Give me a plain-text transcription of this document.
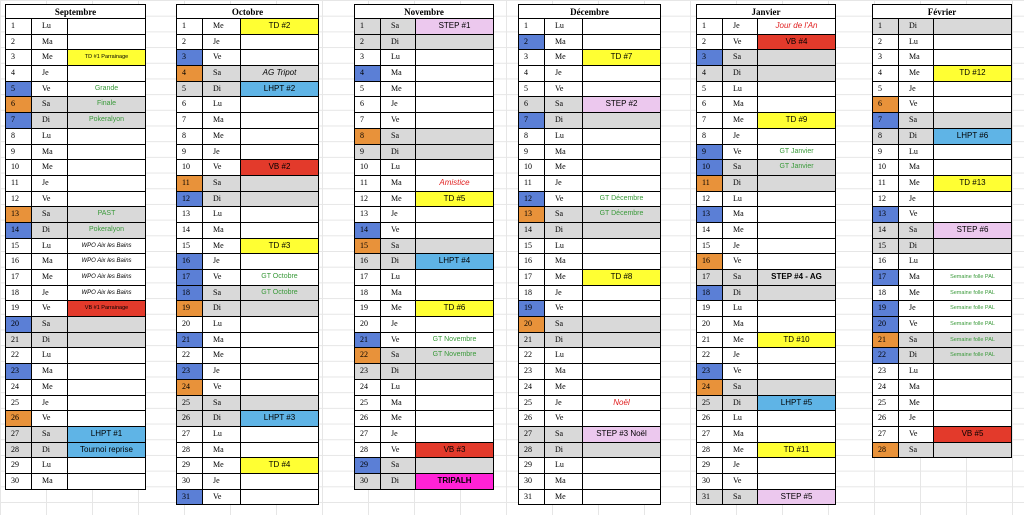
Septembre
1	Lu
2	Ma
3	Me	TD #1 Parrainage
4	Je
5	Ve	Grande
6	Sa	Finale
7	Di	Pokeralyon
8	Lu
9	Ma
10	Me
11	Je
12	Ve
13	Sa	PAST
14	Di	Pokeralyon
15	Lu	WPO Aix les Bains
16	Ma	WPO Aix les Bains
17	Me	WPO Aix les Bains
18	Je	WPO Aix les Bains
19	Ve	VB #1 Parrainage
20	Sa
21	Di
22	Lu
23	Ma
24	Me
25	Je
26	Ve
27	Sa	LHPT #1
28	Di	Tournoi reprise
29	Lu
30	Ma
Octobre
1	Me	TD #2
2	Je
3	Ve
4	Sa	AG Tripot
5	Di	LHPT #2
6	Lu
7	Ma
8	Me
9	Je
10	Ve	VB #2
11	Sa
12	Di
13	Lu
14	Ma
15	Me	TD #3
16	Je
17	Ve	GT Octobre
18	Sa	GT Octobre
19	Di
20	Lu
21	Ma
22	Me
23	Je
24	Ve
25	Sa
26	Di	LHPT #3
27	Lu
28	Ma
29	Me	TD #4
30	Je
31	Ve
Novembre
1	Sa	STEP #1
2	Di
3	Lu
4	Ma
5	Me
6	Je
7	Ve
8	Sa
9	Di
10	Lu
11	Ma	Amistice
12	Me	TD #5
13	Je
14	Ve
15	Sa
16	Di	LHPT #4
17	Lu
18	Ma
19	Me	TD #6
20	Je
21	Ve	GT Novembre
22	Sa	GT Novembre
23	Di
24	Lu
25	Ma
26	Me
27	Je
28	Ve	VB #3
29	Sa
30	Di	TRIPALH
Décembre
1	Lu
2	Ma
3	Me	TD #7
4	Je
5	Ve
6	Sa	STEP #2
7	Di
8	Lu
9	Ma
10	Me
11	Je
12	Ve	GT Décembre
13	Sa	GT Décembre
14	Di
15	Lu
16	Ma
17	Me	TD #8
18	Je
19	Ve
20	Sa
21	Di
22	Lu
23	Ma
24	Me
25	Je	Noël
26	Ve
27	Sa	STEP #3 Noël
28	Di
29	Lu
30	Ma
31	Me
Janvier
1	Je	Jour de l'An
2	Ve	VB #4
3	Sa
4	Di
5	Lu
6	Ma
7	Me	TD #9
8	Je
9	Ve	GT Janvier
10	Sa	GT Janvier
11	Di
12	Lu
13	Ma
14	Me
15	Je
16	Ve
17	Sa	STEP #4 - AG
18	Di
19	Lu
20	Ma
21	Me	TD #10
22	Je
23	Ve
24	Sa
25	Di	LHPT #5
26	Lu
27	Ma
28	Me	TD #11
29	Je
30	Ve
31	Sa	STEP #5
Février
1	Di
2	Lu
3	Ma
4	Me	TD #12
5	Je
6	Ve
7	Sa
8	Di	LHPT #6
9	Lu
10	Ma
11	Me	TD #13
12	Je
13	Ve
14	Sa	STEP #6
15	Di
16	Lu
17	Ma	Semaine folle PAL
18	Me	Semaine folle PAL
19	Je	Semaine folle PAL
20	Ve	Semaine folle PAL
21	Sa	Semaine folle PAL
22	Di	Semaine folle PAL
23	Lu
24	Ma
25	Me
26	Je
27	Ve	VB #5
28	Sa
